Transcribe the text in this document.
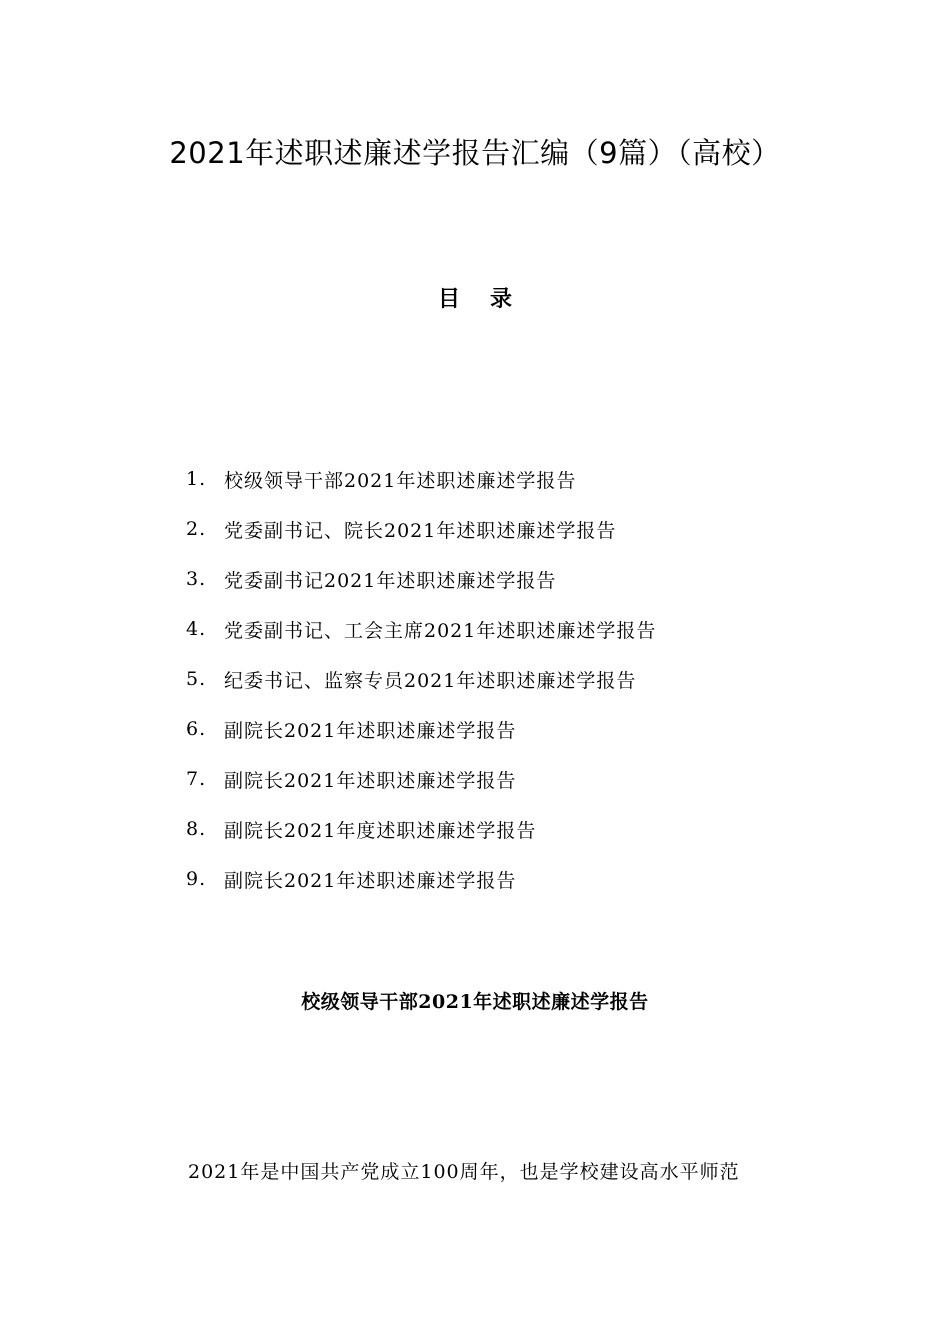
2021年述职述廉述学报告汇编（9篇）（高校）
目录
1. 校级领导干部2021年述职述廉述学报告
2. 党委副书记、院长2021年述职述廉述学报告
3. 党委副书记2021年述职述廉述学报告
4. 党委副书记、工会主席2021年述职述廉述学报告
5. 纪委书记、监察专员2021年述职述廉述学报告
6. 副院长2021年述职述廉述学报告
7. 副院长2021年述职述廉述学报告
8. 副院长2021年度述职述廉述学报告
9. 副院长2021年述职述廉述学报告
校级领导干部2021年述职述廉述学报告

2021年是中国共产党成立100周年，也是学校建设高水平师范
